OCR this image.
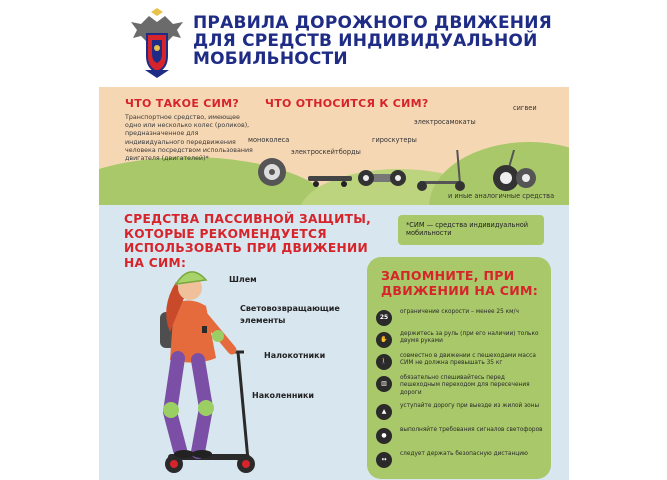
ПРАВИЛА ДОРОЖНОГО ДВИЖЕНИЯ ДЛЯ СРЕДСТВ ИНДИВИДУАЛЬНОЙ МОБИЛЬНОСТИ
ЧТО ТАКОЕ СИМ? ЧТО ОТНОСИТСЯ К СИМ?
Транспортное средство, имеющее одно или несколько колес (роликов), предназначенное для индивидуального передвижения человека посредством использования двигателя (двигателей)*
моноколеса
электроскейтборды
гироскутеры
электросамокаты
сигвеи
и иные аналогичные средства
СРЕДСТВА ПАССИВНОЙ ЗАЩИТЫ, КОТОРЫЕ РЕКОМЕНДУЕТСЯ ИСПОЛЬЗОВАТЬ ПРИ ДВИЖЕНИИ НА СИМ:
*СИМ — средства индивидуальной мобильности
Шлем
Световозвращающие
элементы
Налокотники
Наколенники
ЗАПОМНИТЕ, ПРИ ДВИЖЕНИИ НА СИМ:
25
ограничение скорости – менее 25 км/ч
✋
держитесь за руль (при его наличии) только двумя руками
🚶
совместно в движении с пешеходами масса СИМ не должна превышать 35 кг
▥
обязательно спешивайтесь перед пешеходным переходом для пересечения дороги
▲
уступайте дорогу при выезде из жилой зоны
●
выполняйте требования сигналов светофоров
↔
следует держать безопасную дистанцию
